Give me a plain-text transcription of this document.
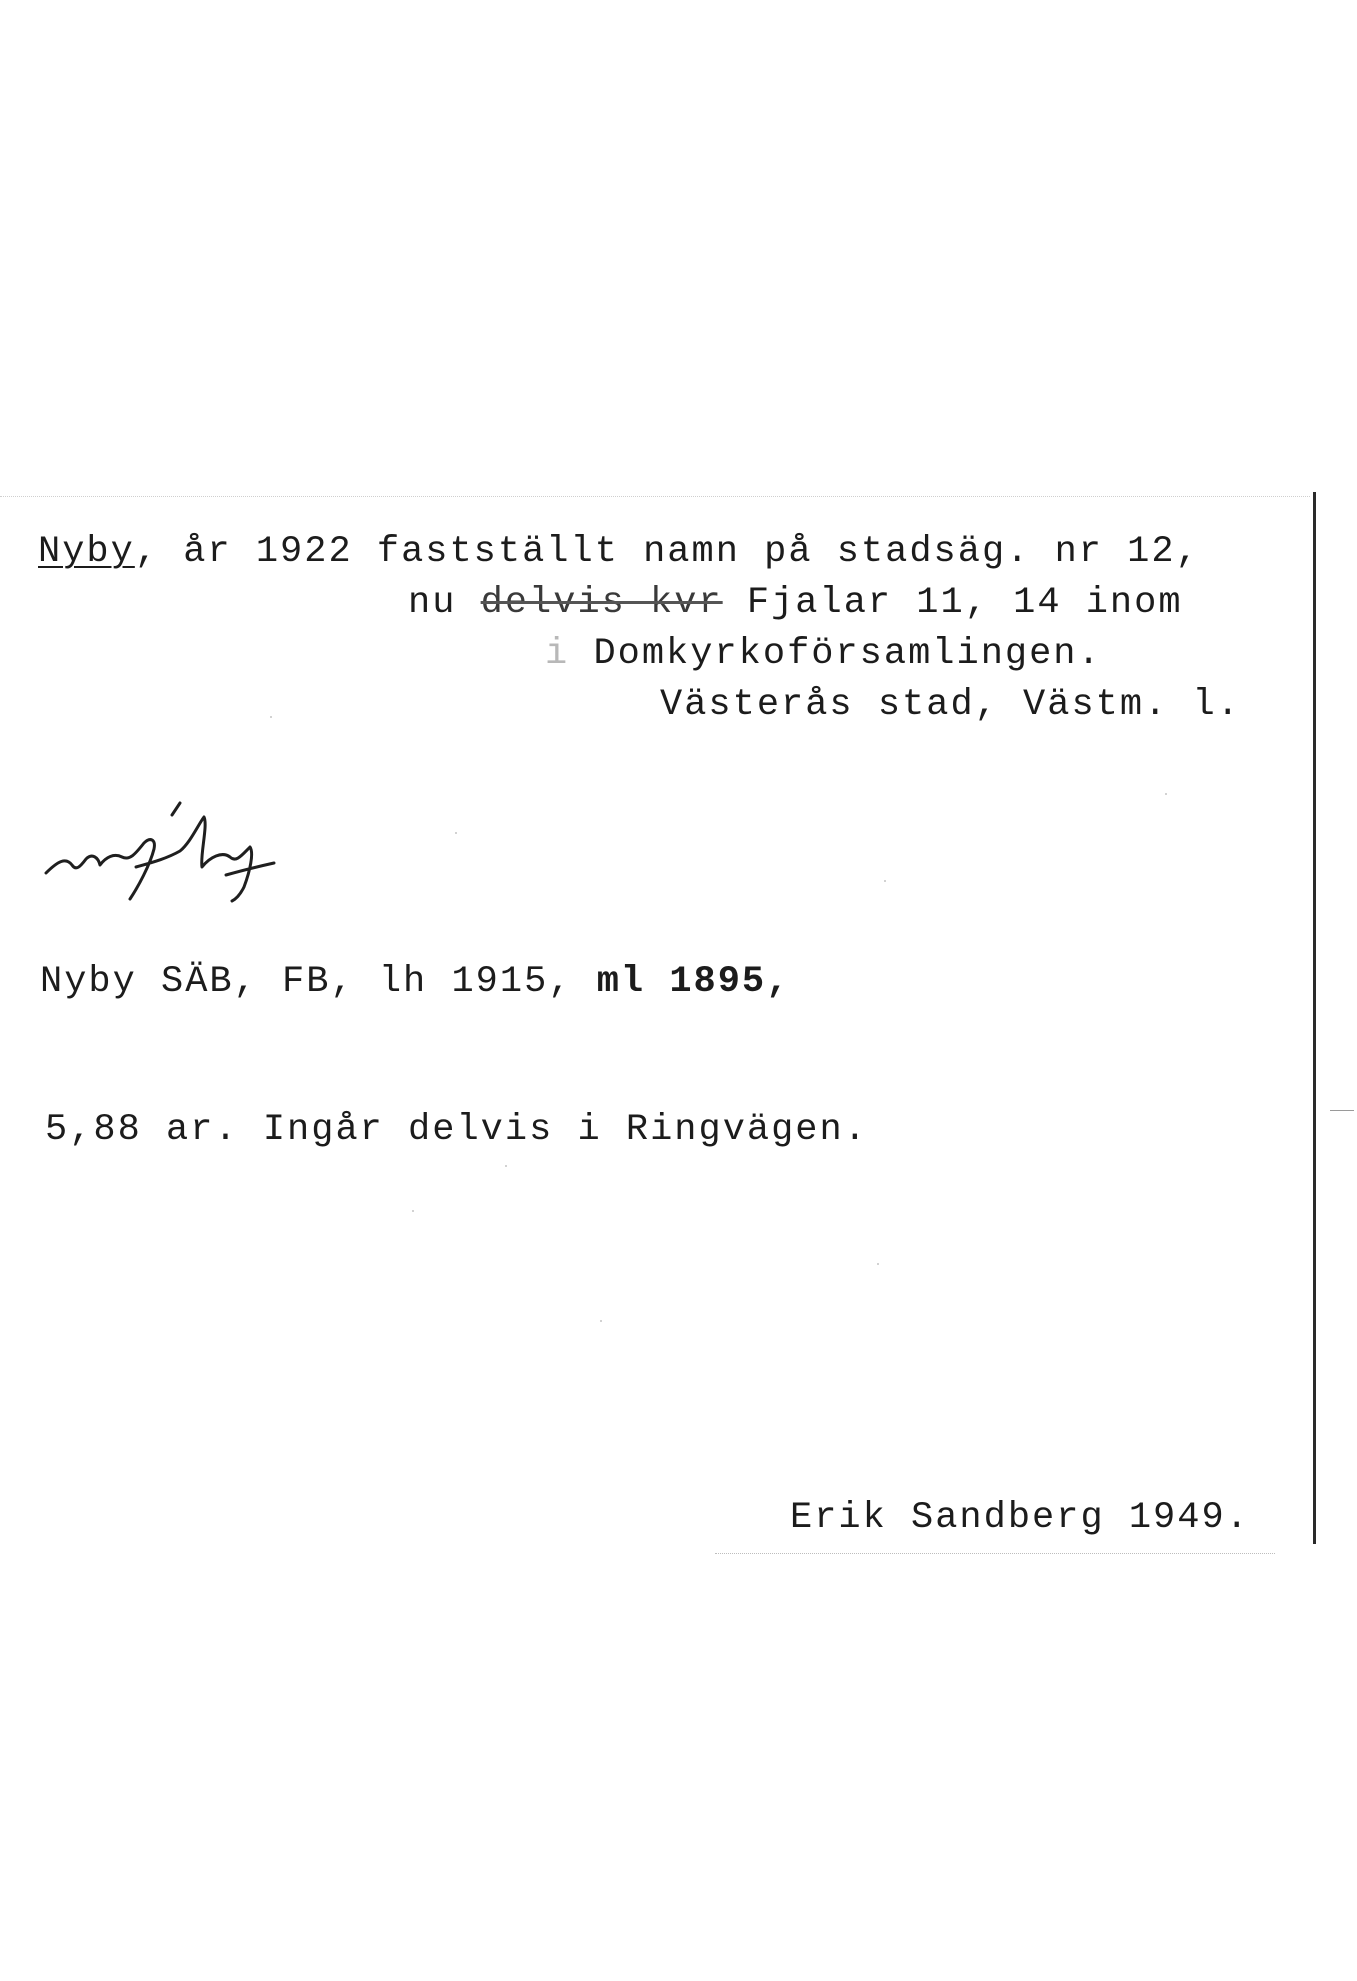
Nyby, år 1922 fastställt namn på stadsäg. nr 12,
nu delvis kvr Fjalar 11, 14 inom
i Domkyrkoförsamlingen.
Västerås stad, Västm. l.
Nyby SÄB, FB, lh 1915, ml 1895,
5,88 ar. Ingår delvis i Ringvägen.
Erik Sandberg 1949.
